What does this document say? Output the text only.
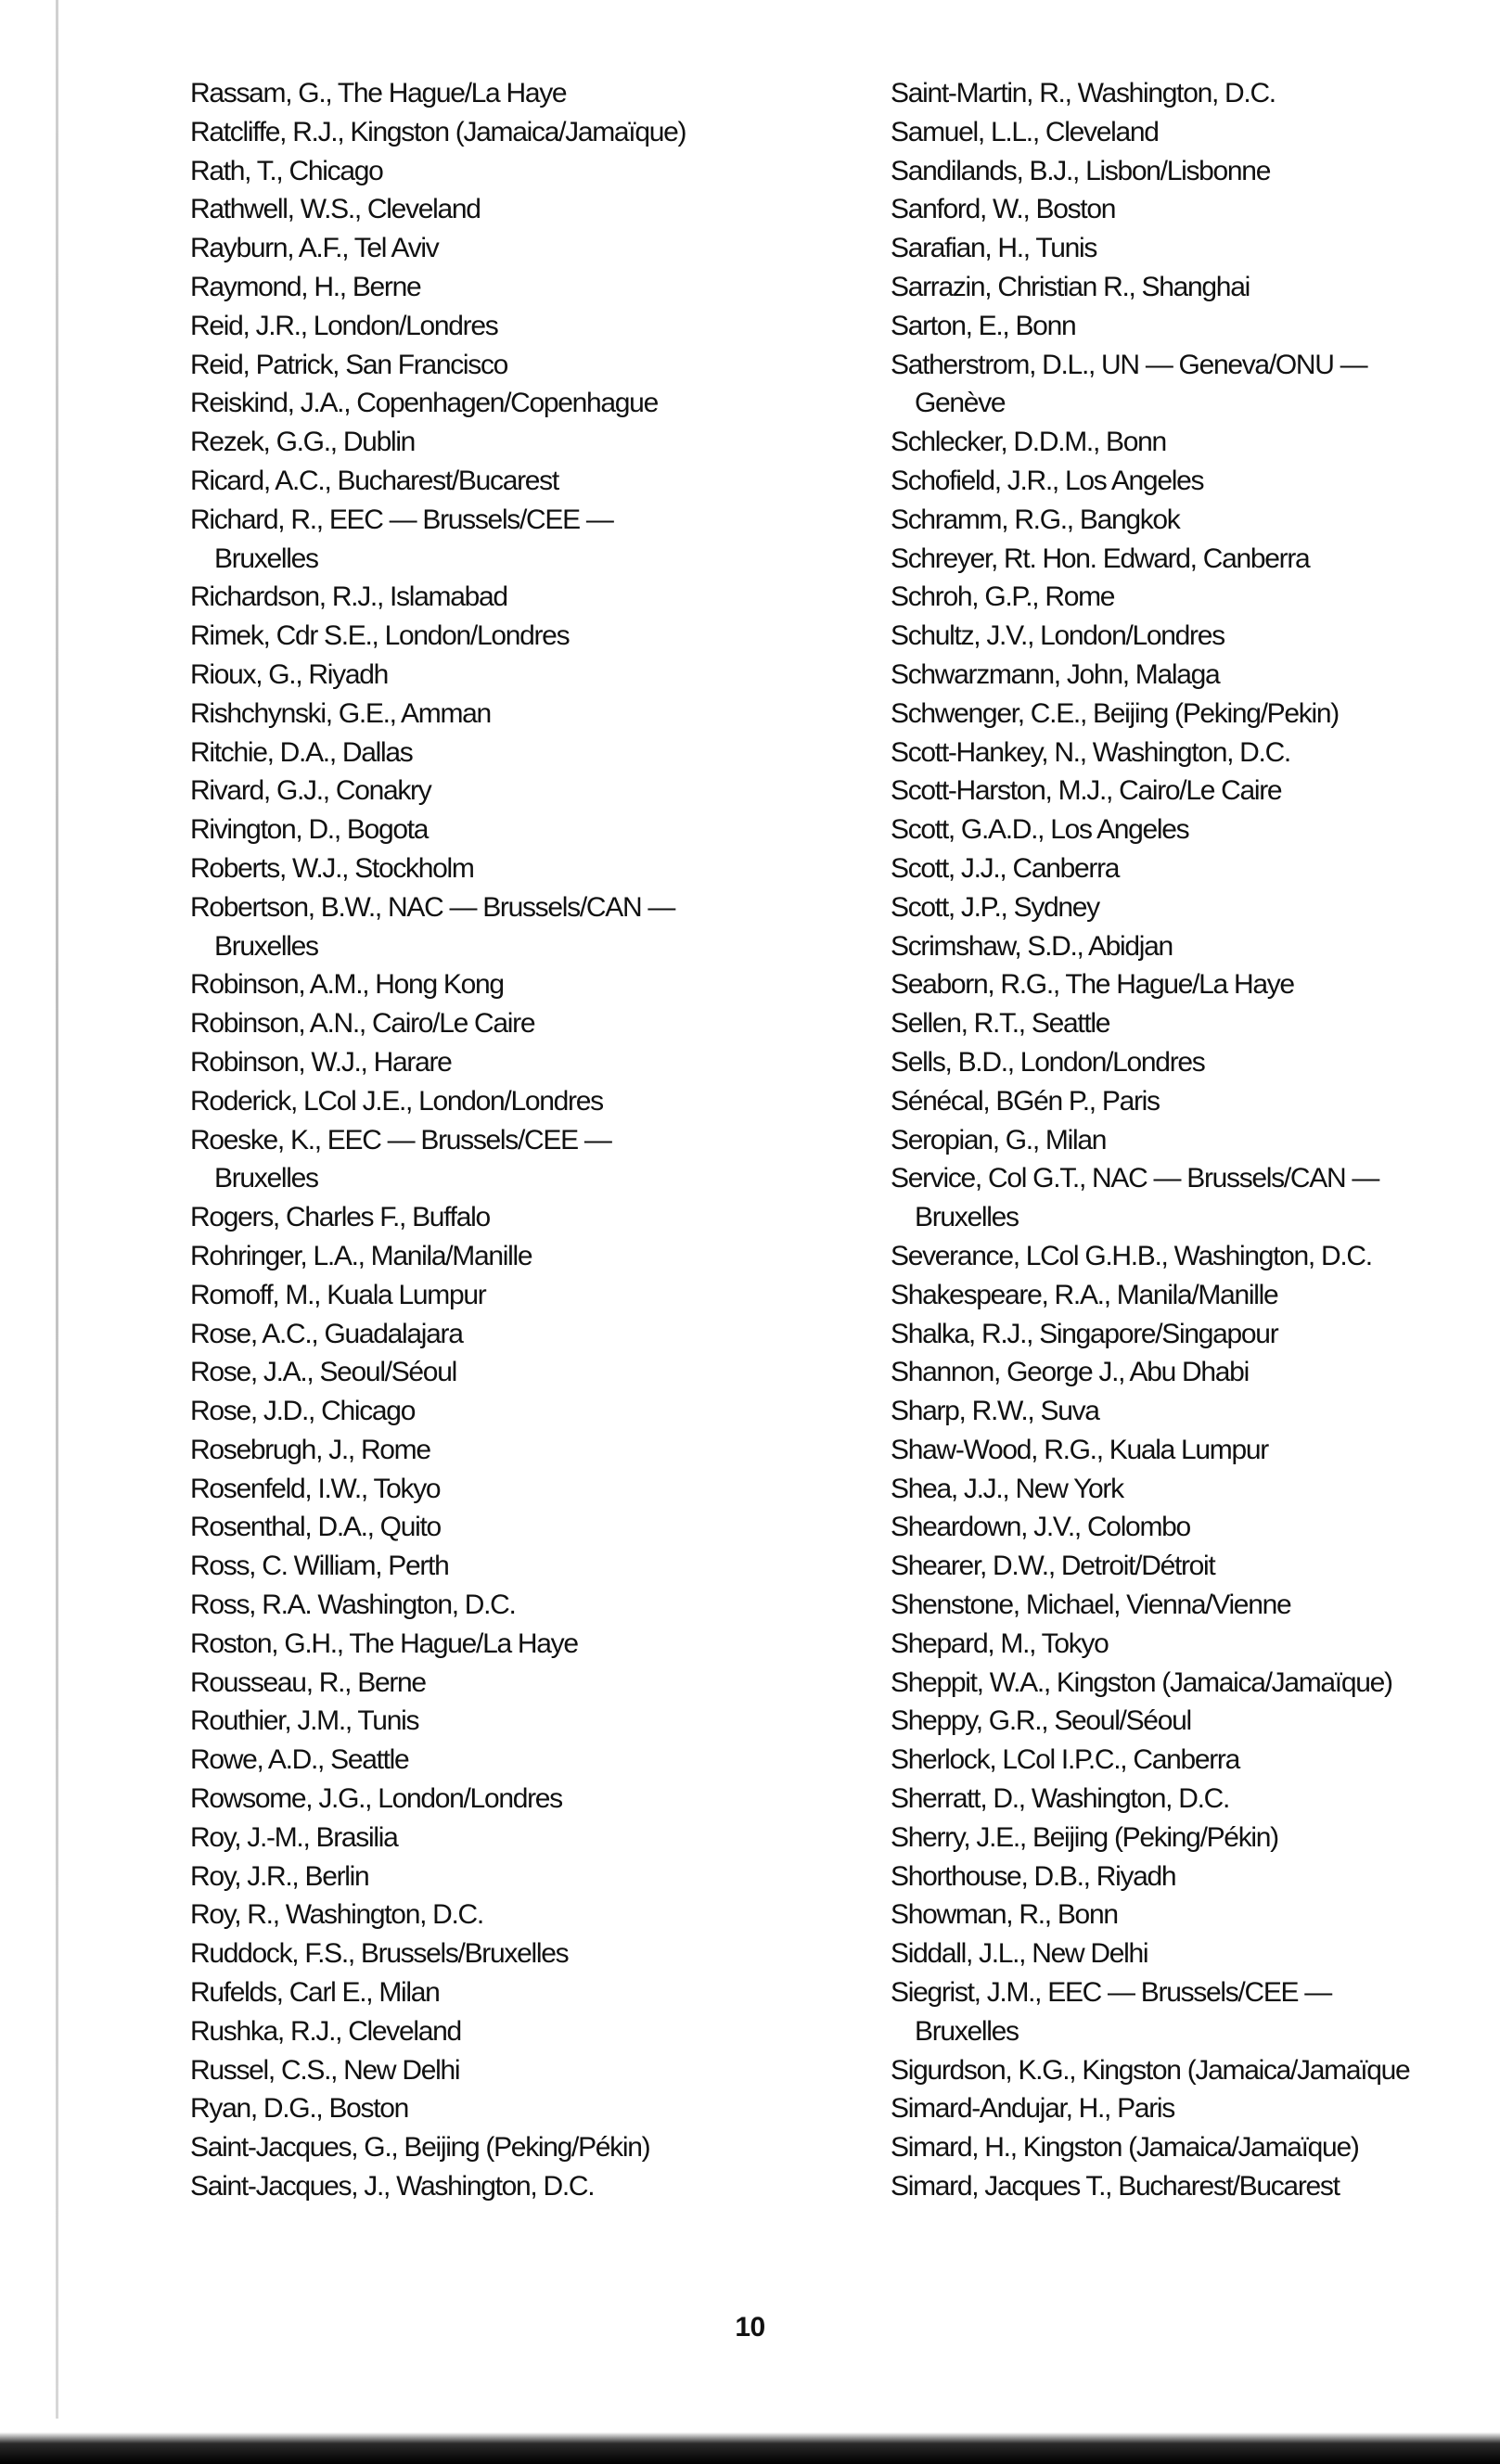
Rassam, G., The Hague/La Haye
Ratcliffe, R.J., Kingston (Jamaica/Jamaïque)
Rath, T., Chicago
Rathwell, W.S., Cleveland
Rayburn, A.F., Tel Aviv
Raymond, H., Berne
Reid, J.R., London/Londres
Reid, Patrick, San Francisco
Reiskind, J.A., Copenhagen/Copenhague
Rezek, G.G., Dublin
Ricard, A.C., Bucharest/Bucarest
Richard, R., EEC — Brussels/CEE —
Bruxelles
Richardson, R.J., Islamabad
Rimek, Cdr S.E., London/Londres
Rioux, G., Riyadh
Rishchynski, G.E., Amman
Ritchie, D.A., Dallas
Rivard, G.J., Conakry
Rivington, D., Bogota
Roberts, W.J., Stockholm
Robertson, B.W., NAC — Brussels/CAN —
Bruxelles
Robinson, A.M., Hong Kong
Robinson, A.N., Cairo/Le Caire
Robinson, W.J., Harare
Roderick, LCol J.E., London/Londres
Roeske, K., EEC — Brussels/CEE —
Bruxelles
Rogers, Charles F., Buffalo
Rohringer, L.A., Manila/Manille
Romoff, M., Kuala Lumpur
Rose, A.C., Guadalajara
Rose, J.A., Seoul/Séoul
Rose, J.D., Chicago
Rosebrugh, J., Rome
Rosenfeld, I.W., Tokyo
Rosenthal, D.A., Quito
Ross, C. William, Perth
Ross, R.A. Washington, D.C.
Roston, G.H., The Hague/La Haye
Rousseau, R., Berne
Routhier, J.M., Tunis
Rowe, A.D., Seattle
Rowsome, J.G., London/Londres
Roy, J.-M., Brasilia
Roy, J.R., Berlin
Roy, R., Washington, D.C.
Ruddock, F.S., Brussels/Bruxelles
Rufelds, Carl E., Milan
Rushka, R.J., Cleveland
Russel, C.S., New Delhi
Ryan, D.G., Boston
Saint-Jacques, G., Beijing (Peking/Pékin)
Saint-Jacques, J., Washington, D.C.
Saint-Martin, R., Washington, D.C.
Samuel, L.L., Cleveland
Sandilands, B.J., Lisbon/Lisbonne
Sanford, W., Boston
Sarafian, H., Tunis
Sarrazin, Christian R., Shanghai
Sarton, E., Bonn
Satherstrom, D.L., UN — Geneva/ONU —
Genève
Schlecker, D.D.M., Bonn
Schofield, J.R., Los Angeles
Schramm, R.G., Bangkok
Schreyer, Rt. Hon. Edward, Canberra
Schroh, G.P., Rome
Schultz, J.V., London/Londres
Schwarzmann, John, Malaga
Schwenger, C.E., Beijing (Peking/Pekin)
Scott-Hankey, N., Washington, D.C.
Scott-Harston, M.J., Cairo/Le Caire
Scott, G.A.D., Los Angeles
Scott, J.J., Canberra
Scott, J.P., Sydney
Scrimshaw, S.D., Abidjan
Seaborn, R.G., The Hague/La Haye
Sellen, R.T., Seattle
Sells, B.D., London/Londres
Sénécal, BGén P., Paris
Seropian, G., Milan
Service, Col G.T., NAC — Brussels/CAN —
Bruxelles
Severance, LCol G.H.B., Washington, D.C.
Shakespeare, R.A., Manila/Manille
Shalka, R.J., Singapore/Singapour
Shannon, George J., Abu Dhabi
Sharp, R.W., Suva
Shaw-Wood, R.G., Kuala Lumpur
Shea, J.J., New York
Sheardown, J.V., Colombo
Shearer, D.W., Detroit/Détroit
Shenstone, Michael, Vienna/Vienne
Shepard, M., Tokyo
Sheppit, W.A., Kingston (Jamaica/Jamaïque)
Sheppy, G.R., Seoul/Séoul
Sherlock, LCol I.P.C., Canberra
Sherratt, D., Washington, D.C.
Sherry, J.E., Beijing (Peking/Pékin)
Shorthouse, D.B., Riyadh
Showman, R., Bonn
Siddall, J.L., New Delhi
Siegrist, J.M., EEC — Brussels/CEE —
Bruxelles
Sigurdson, K.G., Kingston (Jamaica/Jamaïque
Simard-Andujar, H., Paris
Simard, H., Kingston (Jamaica/Jamaïque)
Simard, Jacques T., Bucharest/Bucarest
10
